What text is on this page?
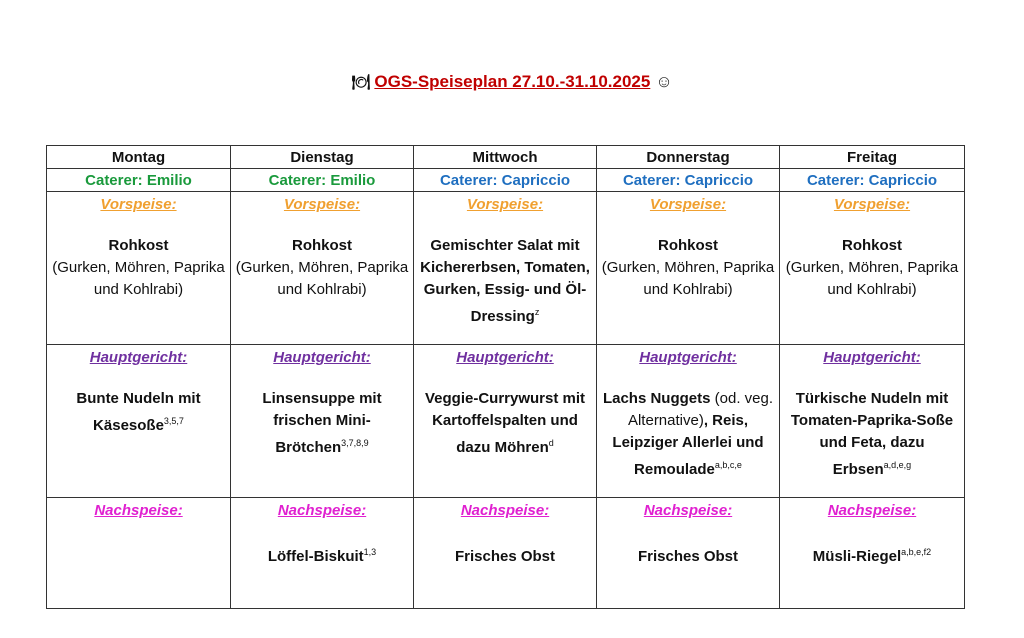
🍽 OGS-Speiseplan 27.10.-31.10.2025 ☺
Montag	Dienstag	Mittwoch	Donnerstag	Freitag
Caterer: Emilio	Caterer: Emilio	Caterer: Capriccio	Caterer: Capriccio	Caterer: Capriccio

Vorspeise:
Rohkost
(Gurken, Möhren, Paprika und Kohlrabi)	Vorspeise:
Rohkost
(Gurken, Möhren, Paprika und Kohlrabi)	Vorspeise:
Gemischter Salat mit Kichererbsen, Tomaten, Gurken, Essig- und Öl-Dressing$^z$	Vorspeise:
Rohkost
(Gurken, Möhren, Paprika und Kohlrabi)	Vorspeise:
Rohkost
(Gurken, Möhren, Paprika und Kohlrabi)

Hauptgericht:
Bunte Nudeln mit Käsesoße$^{3,5,7}$	Hauptgericht:
Linsensuppe mit frischen Mini-Brötchen$^{3,7,8,9}$	Hauptgericht:
Veggie-Currywurst mit Kartoffelspalten und dazu Möhren$^d$	Hauptgericht:
Lachs Nuggets (od. veg. Alternative), Reis, Leipziger Allerlei und Remoulade$^{a,b,c,e}$	Hauptgericht:
Türkische Nudeln mit Tomaten-Paprika-Soße und Feta, dazu Erbsen$^{a,d,e,g}$

Nachspeise:	Nachspeise:
Löffel-Biskuit$^{1,3}$	Nachspeise:
Frisches Obst	Nachspeise:
Frisches Obst	Nachspeise:
Müsli-Riegel$^{a,b,e,f2}$
